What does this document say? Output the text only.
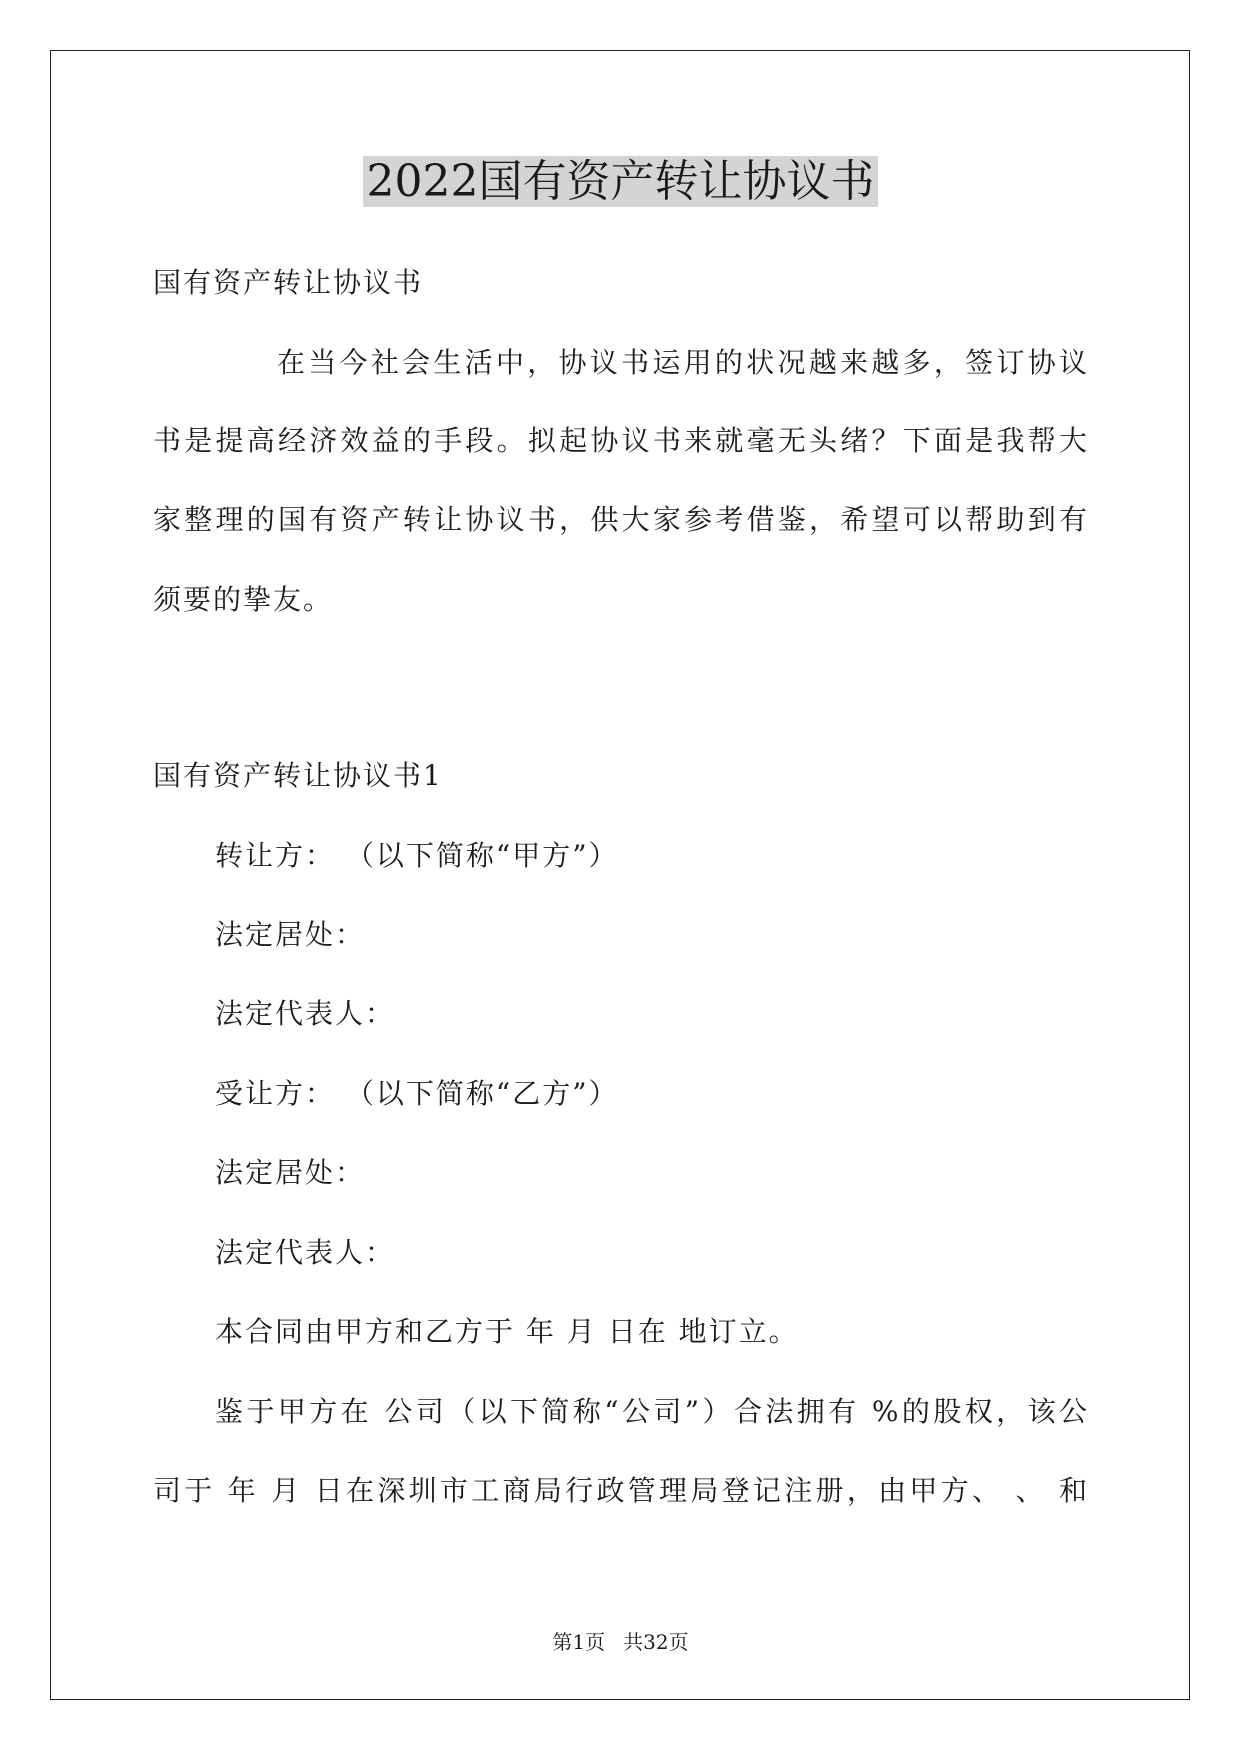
2022国有资产转让协议书
国有资产转让协议书
在当今社会生活中，协议书运用的状况越来越多，签订协议
书是提高经济效益的手段。拟起协议书来就毫无头绪？下面是我帮大
家整理的国有资产转让协议书，供大家参考借鉴，希望可以帮助到有
须要的挚友。
国有资产转让协议书1
转让方： （以下简称“甲方”）
法定居处：
法定代表人：
受让方： （以下简称“乙方”）
法定居处：
法定代表人：
本合同由甲方和乙方于 年 月 日在 地订立。
鉴于甲方在 公司（以下简称“公司”）合法拥有 %的股权，该公
司于 年 月 日在深圳市工商局行政管理局登记注册，由甲方、 、 和
第1页 共32页
